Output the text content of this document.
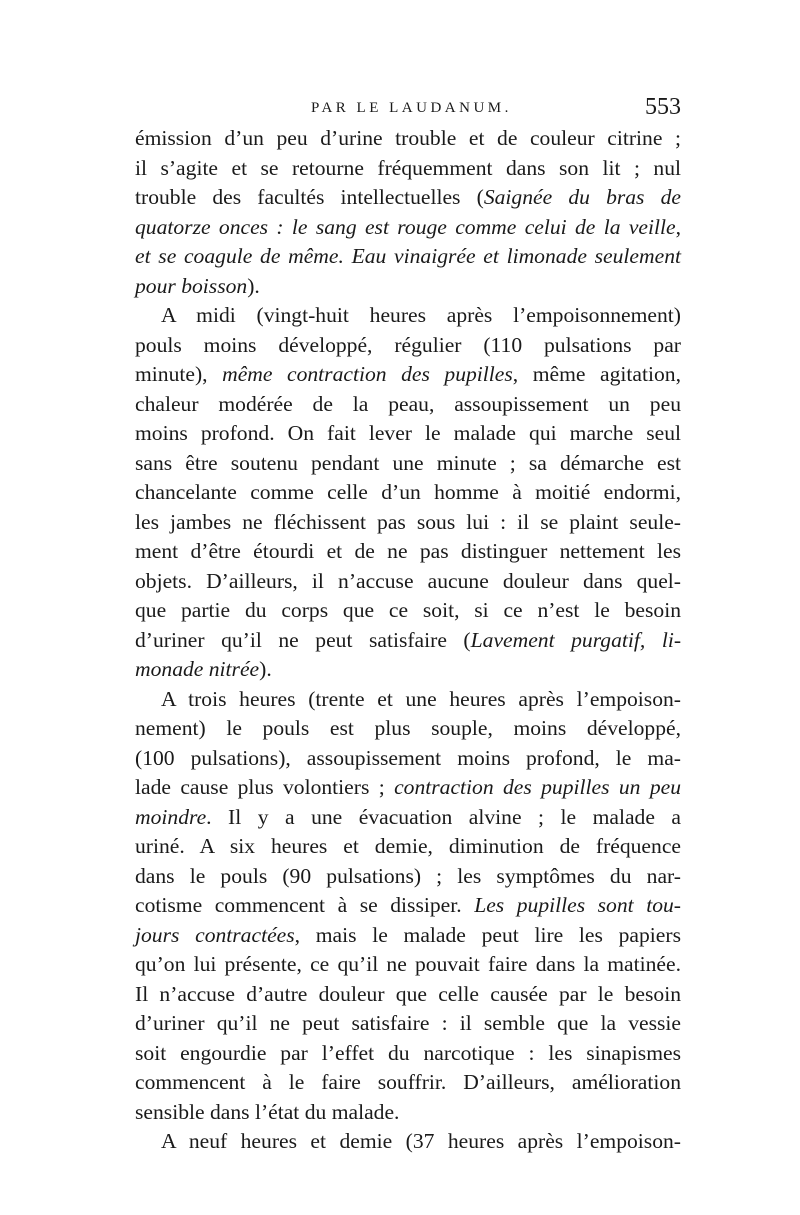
PAR LE LAUDANUM.	553
émission d’un peu d’urine trouble et de couleur citrine ;
il s’agite et se retourne fréquemment dans son lit ; nul
trouble des facultés intellectuelles (Saignée du bras de
quatorze onces : le sang est rouge comme celui de la veille,
et se coagule de même. Eau vinaigrée et limonade seulement
pour boisson).
A midi (vingt-huit heures après l’empoisonnement)
pouls moins développé, régulier (110 pulsations par
minute), même contraction des pupilles, même agitation,
chaleur modérée de la peau, assoupissement un peu
moins profond. On fait lever le malade qui marche seul
sans être soutenu pendant une minute ; sa démarche est
chancelante comme celle d’un homme à moitié endormi,
les jambes ne fléchissent pas sous lui : il se plaint seule-
ment d’être étourdi et de ne pas distinguer nettement les
objets. D’ailleurs, il n’accuse aucune douleur dans quel-
que partie du corps que ce soit, si ce n’est le besoin
d’uriner qu’il ne peut satisfaire (Lavement purgatif, li-
monade nitrée).
A trois heures (trente et une heures après l’empoison-
nement) le pouls est plus souple, moins développé,
(100 pulsations), assoupissement moins profond, le ma-
lade cause plus volontiers ; contraction des pupilles un peu
moindre. Il y a une évacuation alvine ; le malade a
uriné. A six heures et demie, diminution de fréquence
dans le pouls (90 pulsations) ; les symptômes du nar-
cotisme commencent à se dissiper. Les pupilles sont tou-
jours contractées, mais le malade peut lire les papiers
qu’on lui présente, ce qu’il ne pouvait faire dans la matinée.
Il n’accuse d’autre douleur que celle causée par le besoin
d’uriner qu’il ne peut satisfaire : il semble que la vessie
soit engourdie par l’effet du narcotique : les sinapismes
commencent à le faire souffrir. D’ailleurs, amélioration
sensible dans l’état du malade.
A neuf heures et demie (37 heures après l’empoison-
